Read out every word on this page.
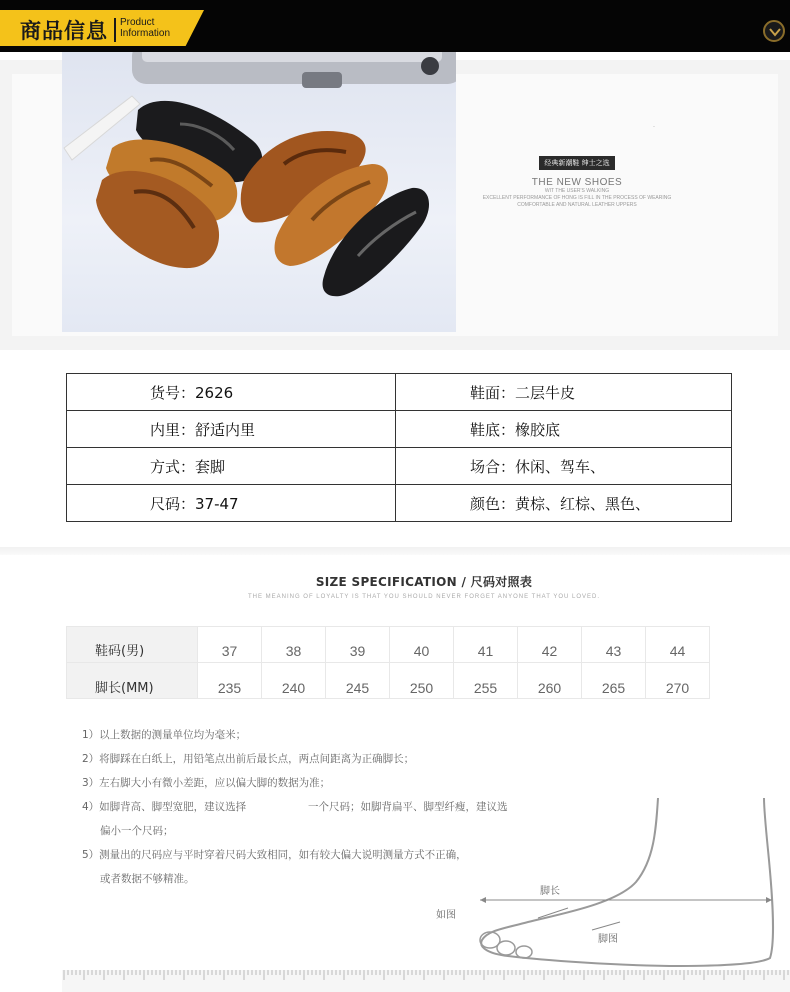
商品信息 Product
Information
·
经典新潮鞋 绅士之选
THE NEW SHOES
WIT THE USER'S WALKING
EXCELLENT PERFORMANCE OF HONG IS FILL IN THE PROCESS OF WEARING
COMFORTABLE AND NATURAL LEATHER UPPERS
货号：2626	鞋面：二层牛皮
内里：舒适内里	鞋底：橡胶底
方式：套脚	场合：休闲、驾车、
尺码：37-47	颜色：黄棕、红棕、黑色、
SIZE SPECIFICATION / 尺码对照表
THE MEANING OF LOYALTY IS THAT YOU SHOULD NEVER FORGET ANYONE THAT YOU LOVED.
鞋码(男)	37	38	39	40	41	42	43	44
脚长(MM)	235	240	245	250	255	260	265	270
1）以上数据的测量单位均为毫米；
2）将脚踩在白纸上，用铅笔点出前后最长点，两点间距离为正确脚长；
3）左右脚大小有微小差距，应以偏大脚的数据为准；
4）如脚背高、脚型宽肥，建议选择	一个尺码；如脚背扁平、脚型纤瘦，建议选
偏小一个尺码；
5）测量出的尺码应与平时穿着尺码大致相同，如有较大偏大说明测量方式不正确，
或者数据不够精准。
脚长
如图
脚图
